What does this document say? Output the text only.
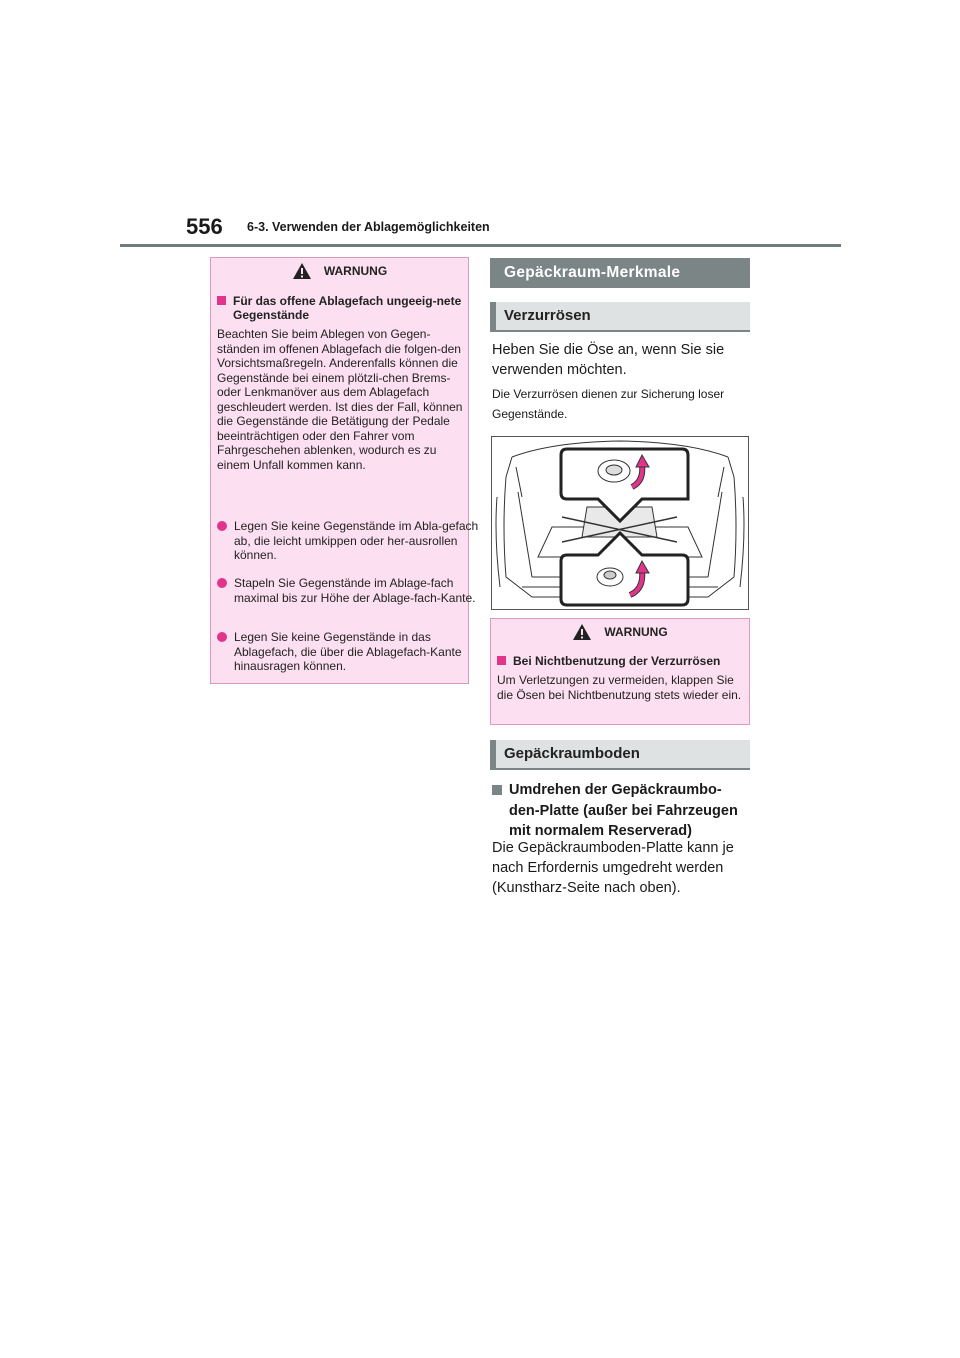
556 6-3. Verwenden der Ablagemöglichkeiten
WARNUNG
Für das offene Ablagefach ungeeig-nete Gegenstände
Beachten Sie beim Ablegen von Gegen-ständen im offenen Ablagefach die folgen-den Vorsichtsmaßregeln. Anderenfalls können die Gegenstände bei einem plötzli-chen Brems- oder Lenkmanöver aus dem Ablagefach geschleudert werden. Ist dies der Fall, können die Gegenstände die Betätigung der Pedale beeinträchtigen oder den Fahrer vom Fahrgeschehen ablenken, wodurch es zu einem Unfall kommen kann.
Legen Sie keine Gegenstände im Abla-gefach ab, die leicht umkippen oder her-ausrollen können.
Stapeln Sie Gegenstände im Ablage-fach maximal bis zur Höhe der Ablage-fach-Kante.
Legen Sie keine Gegenstände in das Ablagefach, die über die Ablagefach-Kante hinausragen können.
Gepäckraum-Merkmale
Verzurrösen
Heben Sie die Öse an, wenn Sie sie verwenden möchten.
Die Verzurrösen dienen zur Sicherung loser Gegenstände.
WARNUNG
Bei Nichtbenutzung der Verzurrösen
Um Verletzungen zu vermeiden, klappen Sie die Ösen bei Nichtbenutzung stets wieder ein.
Gepäckraumboden
Umdrehen der Gepäckraumbo-den-Platte (außer bei Fahrzeugen mit normalem Reserverad)
Die Gepäckraumboden-Platte kann je nach Erfordernis umgedreht werden (Kunstharz-Seite nach oben).
